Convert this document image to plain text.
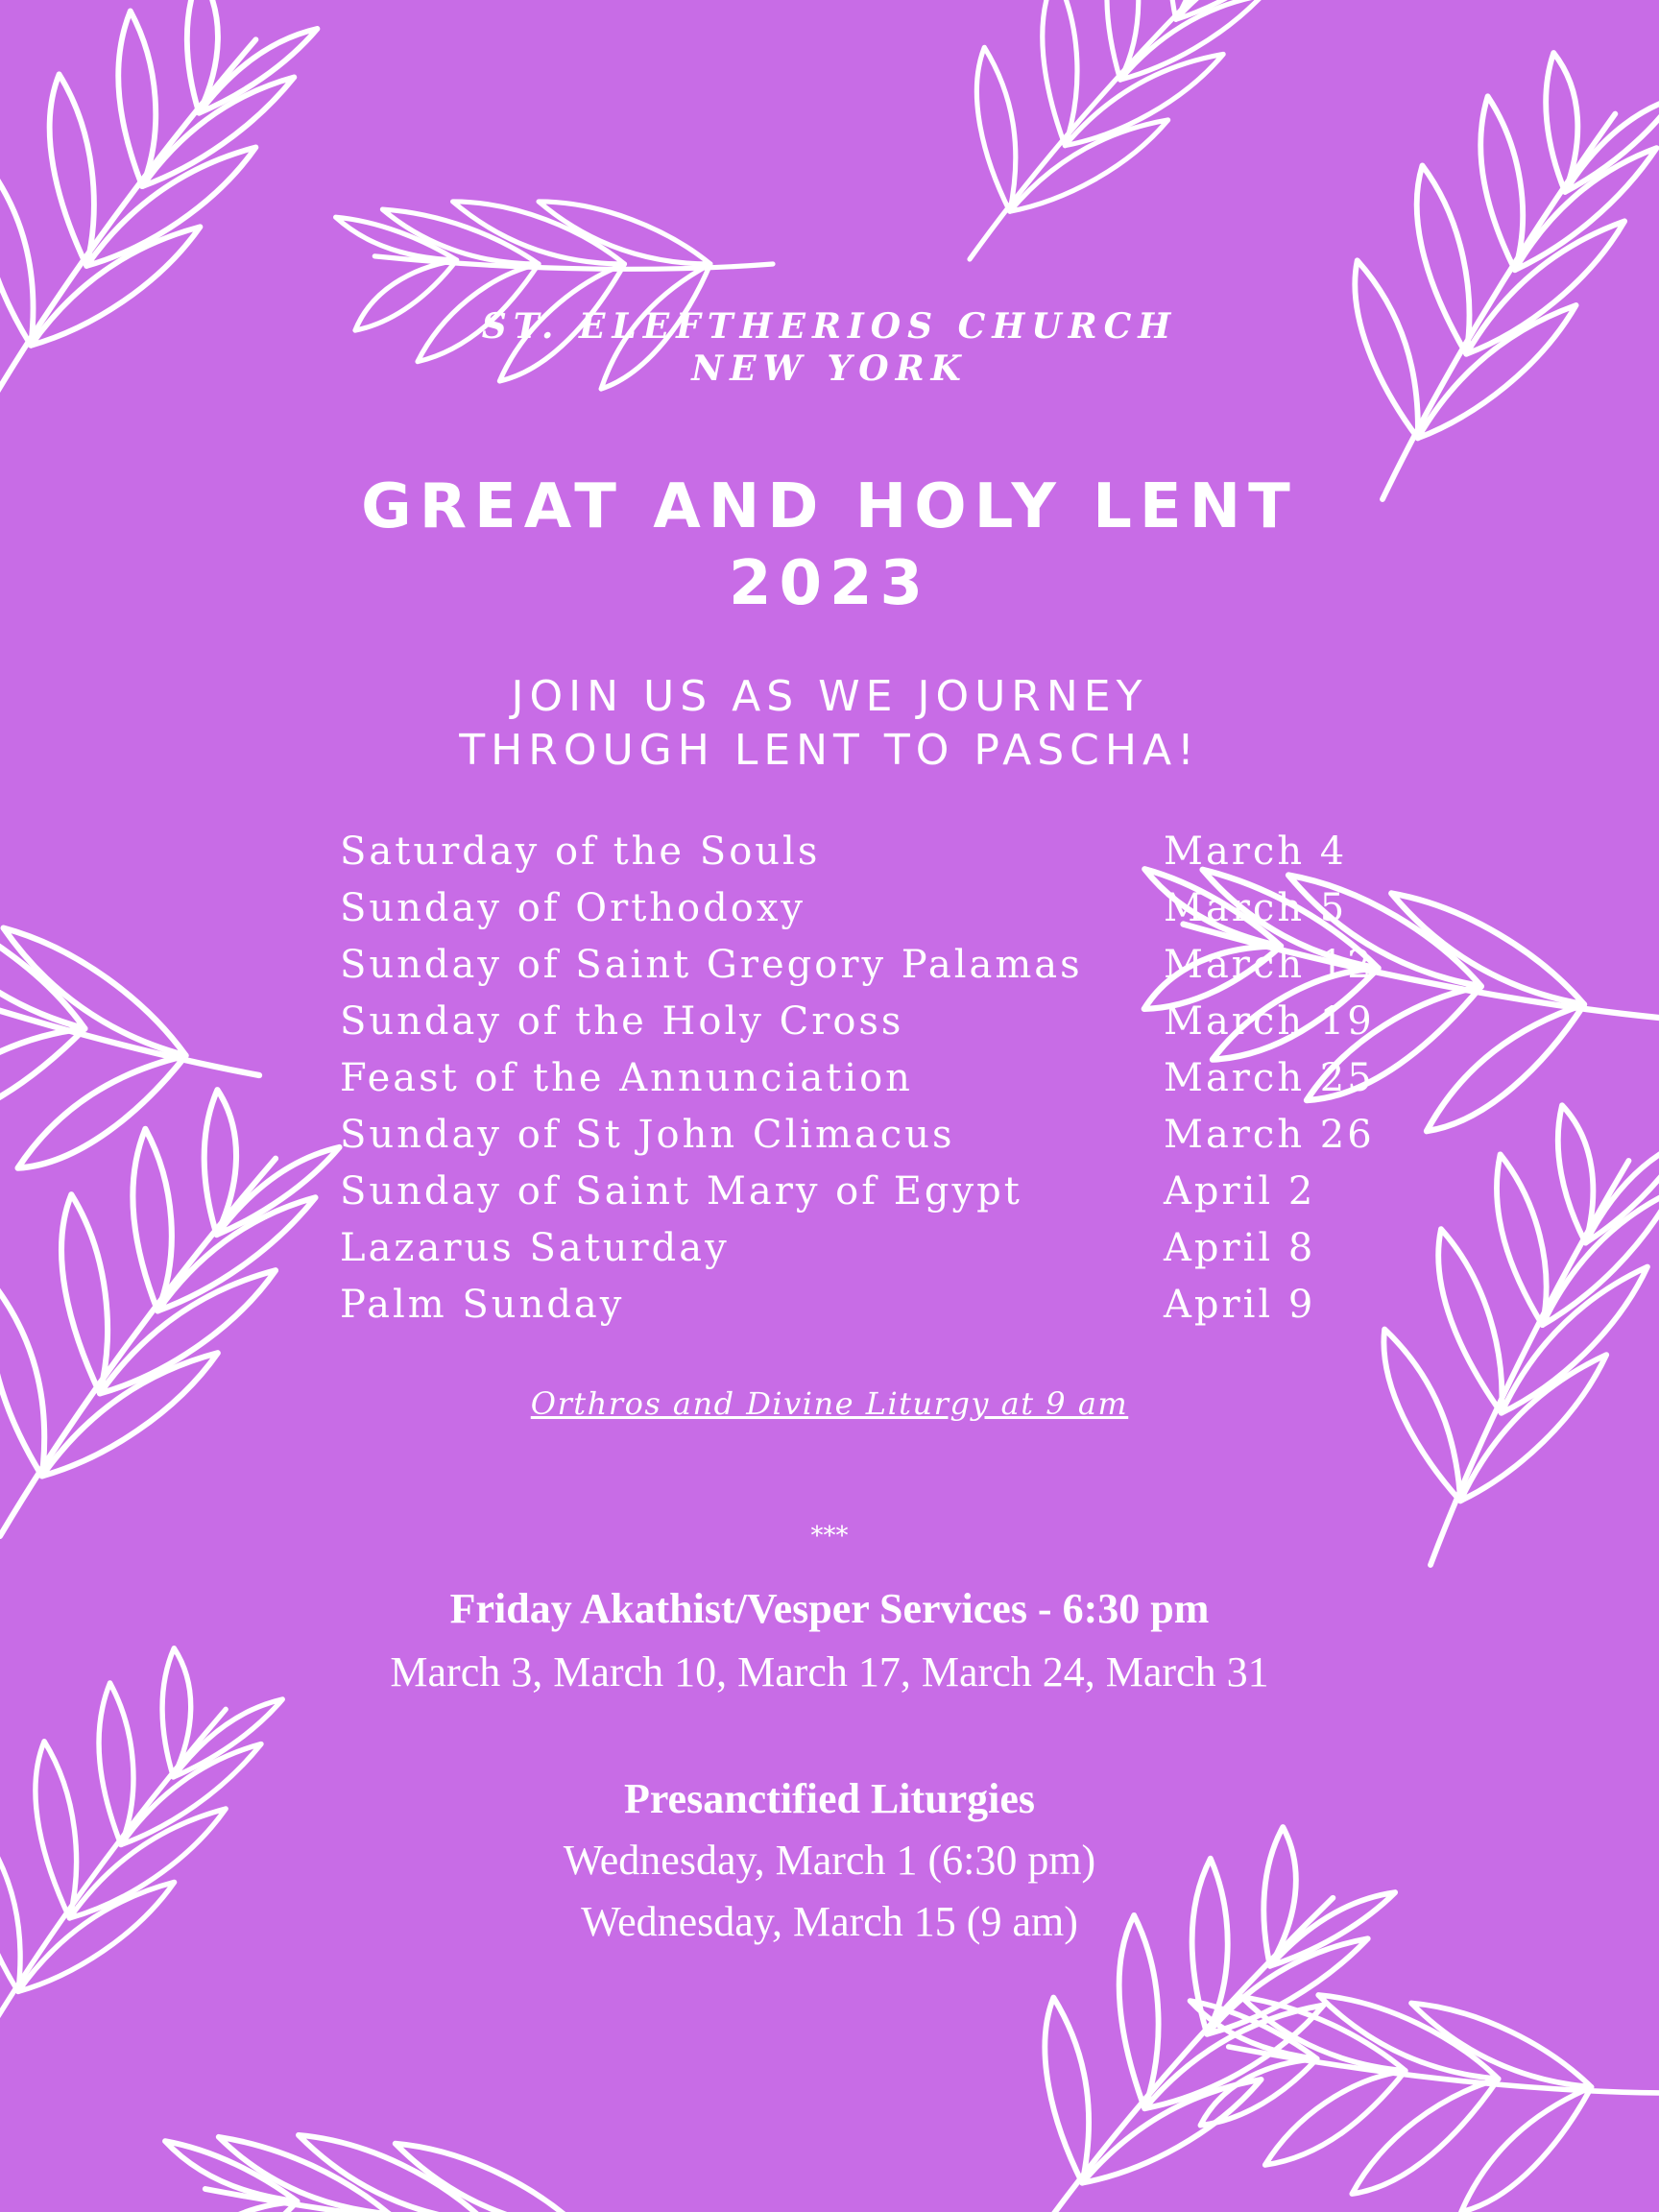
ST. ELEFTHERIOS CHURCH
NEW YORK
GREAT AND HOLY LENT
2023
JOIN US AS WE JOURNEY
THROUGH LENT TO PASCHA!
Saturday of the Souls	March 4
Sunday of Orthodoxy	March 5
Sunday of Saint Gregory Palamas March 12
Sunday of the Holy Cross	March 19
Feast of the Annunciation	March 25
Sunday of St John Climacus	March 26
Sunday of Saint Mary of Egypt	April 2
Lazarus Saturday	April 8
Palm Sunday	April 9
Orthros and Divine Liturgy at 9 am
***
Friday Akathist/Vesper Services - 6:30 pm
March 3, March 10, March 17, March 24, March 31
Presanctified Liturgies
Wednesday, March 1 (6:30 pm)
Wednesday, March 15 (9 am)
